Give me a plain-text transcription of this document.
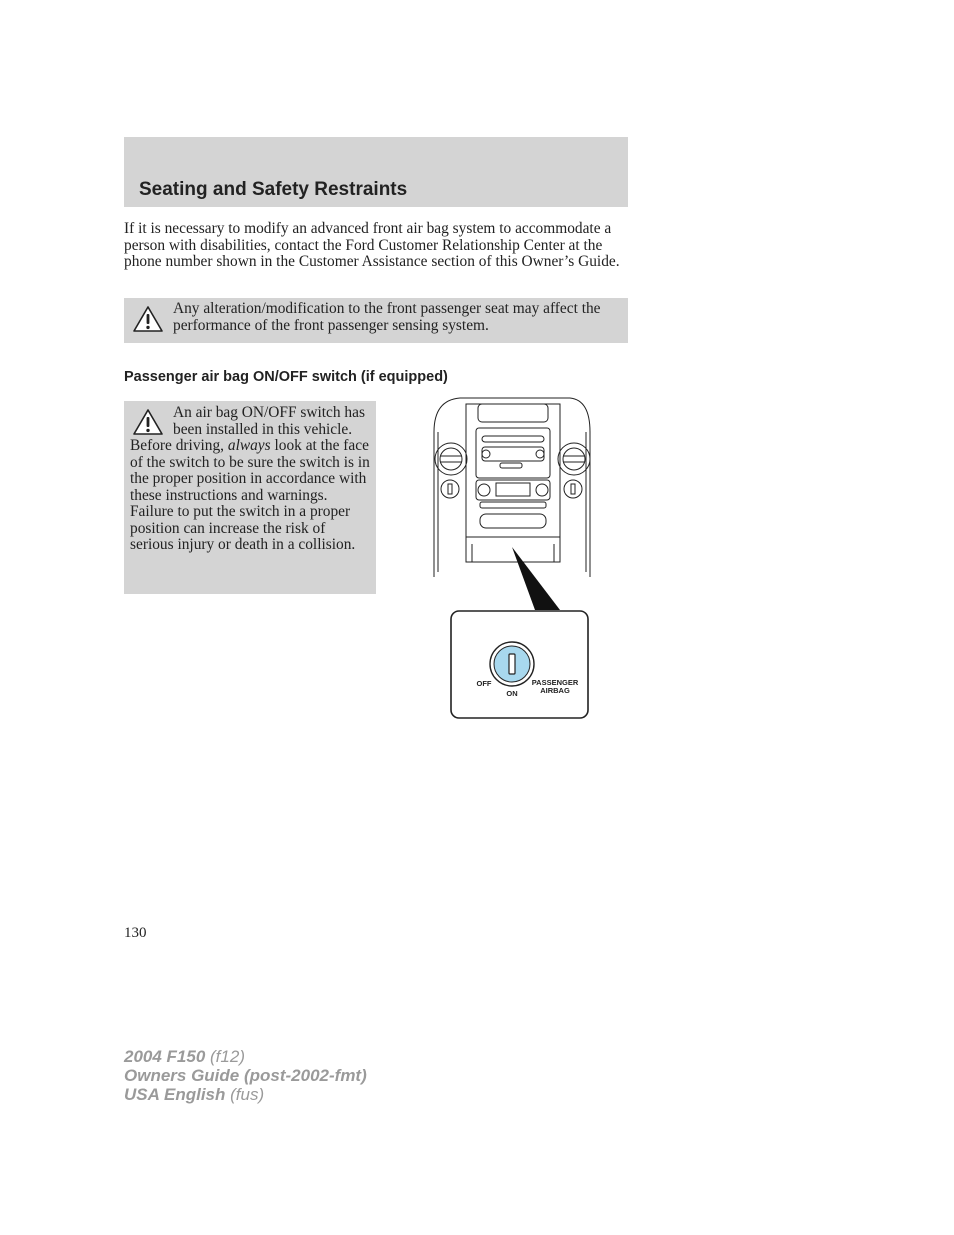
Seating and Safety Restraints

If it is necessary to modify an advanced front air bag system to accommodate a person with disabilities, contact the Ford Customer Relationship Center at the phone number shown in the Customer Assistance section of this Owner’s Guide.

Any alteration/modification to the front passenger seat may affect the performance of the front passenger sensing system.

Passenger air bag ON/OFF switch (if equipped)

An air bag ON/OFF switch has been installed in this vehicle. Before driving, always look at the face of the switch to be sure the switch is in the proper position in accordance with these instructions and warnings. Failure to put the switch in a proper position can increase the risk of serious injury or death in a collision.

OFF
ON
PASSENGER
AIRBAG

130

2004 F150 (f12)
Owners Guide (post-2002-fmt)
USA English (fus)
